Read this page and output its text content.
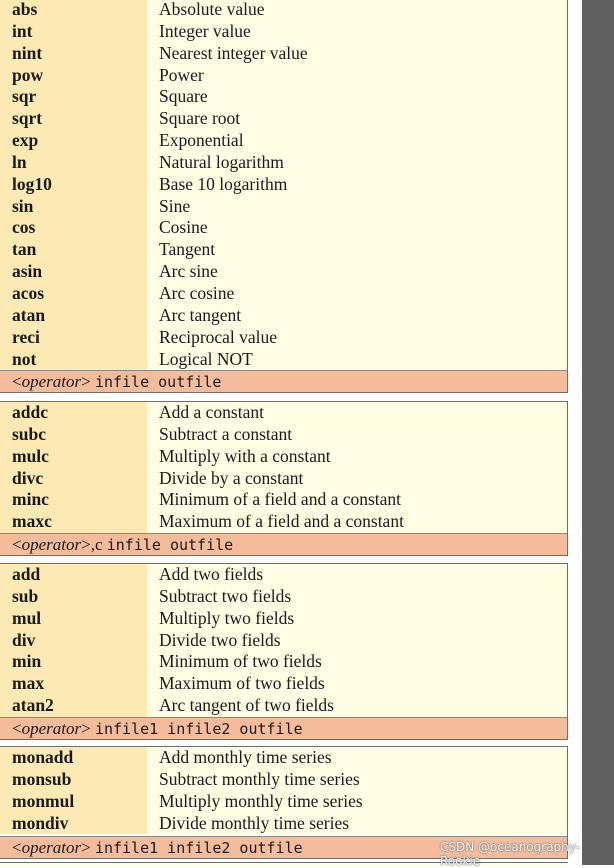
abs	Absolute value
int	Integer value
nint	Nearest integer value
pow	Power
sqr	Square
sqrt	Square root
exp	Exponential
ln	Natural logarithm
log10	Base 10 logarithm
sin	Sine
cos	Cosine
tan	Tangent
asin	Arc sine
acos	Arc cosine
atan	Arc tangent
reci	Reciprocal value
not	Logical NOT
<operator> infile outfile
addc	Add a constant
subc	Subtract a constant
mulc	Multiply with a constant
divc	Divide by a constant
minc	Minimum of a field and a constant
maxc	Maximum of a field and a constant
<operator>,c infile outfile
add	Add two fields
sub	Subtract two fields
mul	Multiply two fields
div	Divide two fields
min	Minimum of two fields
max	Maximum of two fields
atan2	Arc tangent of two fields
<operator> infile1 infile2 outfile
monadd	Add monthly time series
monsub	Subtract monthly time series
monmul	Multiply monthly time series
mondiv	Divide monthly time series
<operator> infile1 infile2 outfile	CSDN @oceanography-Rookie
